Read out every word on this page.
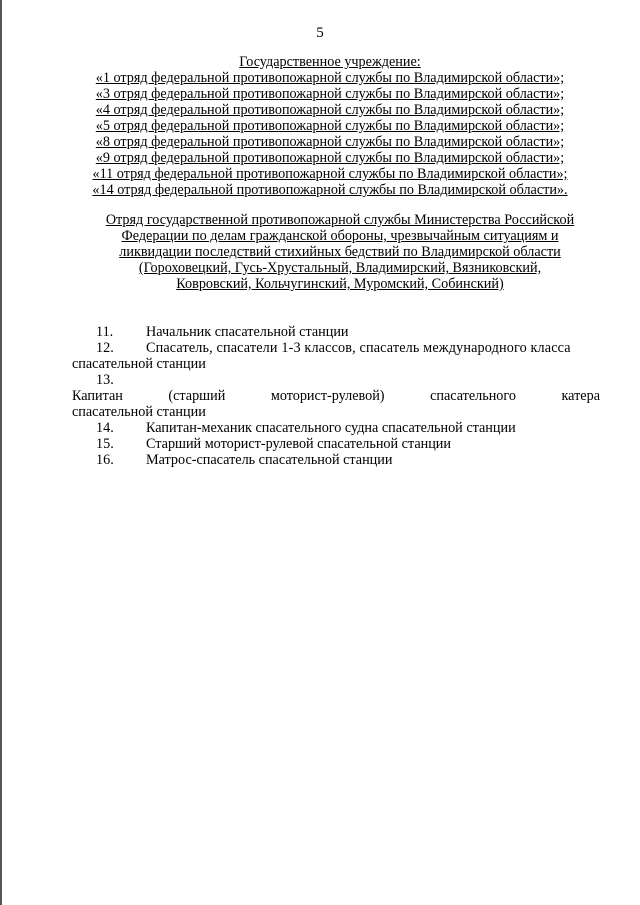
5
Государственное учреждение:
«1 отряд федеральной противопожарной службы по Владимирской области»;
«3 отряд федеральной противопожарной службы по Владимирской области»;
«4 отряд федеральной противопожарной службы по Владимирской области»;
«5 отряд федеральной противопожарной службы по Владимирской области»;
«8 отряд федеральной противопожарной службы по Владимирской области»;
«9 отряд федеральной противопожарной службы по Владимирской области»;
«11 отряд федеральной противопожарной службы по Владимирской области»;
«14 отряд федеральной противопожарной службы по Владимирской области».
Отряд государственной противопожарной службы Министерства Российской
Федерации по делам гражданской обороны, чрезвычайным ситуациям и
ликвидации последствий стихийных бедствий по Владимирской области
(Гороховецкий, Гусь-Хрустальный, Владимирский, Вязниковский,
Ковровский, Кольчугинский, Муромский, Собинский)
11. Начальник спасательной станции
12. Спасатель, спасатели 1-3 классов, спасатель международного класса
спасательной станции
13.
Капитан	(старший	моторист-рулевой)	спасательного	катера
спасательной станции
14. Капитан-механик спасательного судна спасательной станции
15. Старший моторист-рулевой спасательной станции
16. Матрос-спасатель спасательной станции
